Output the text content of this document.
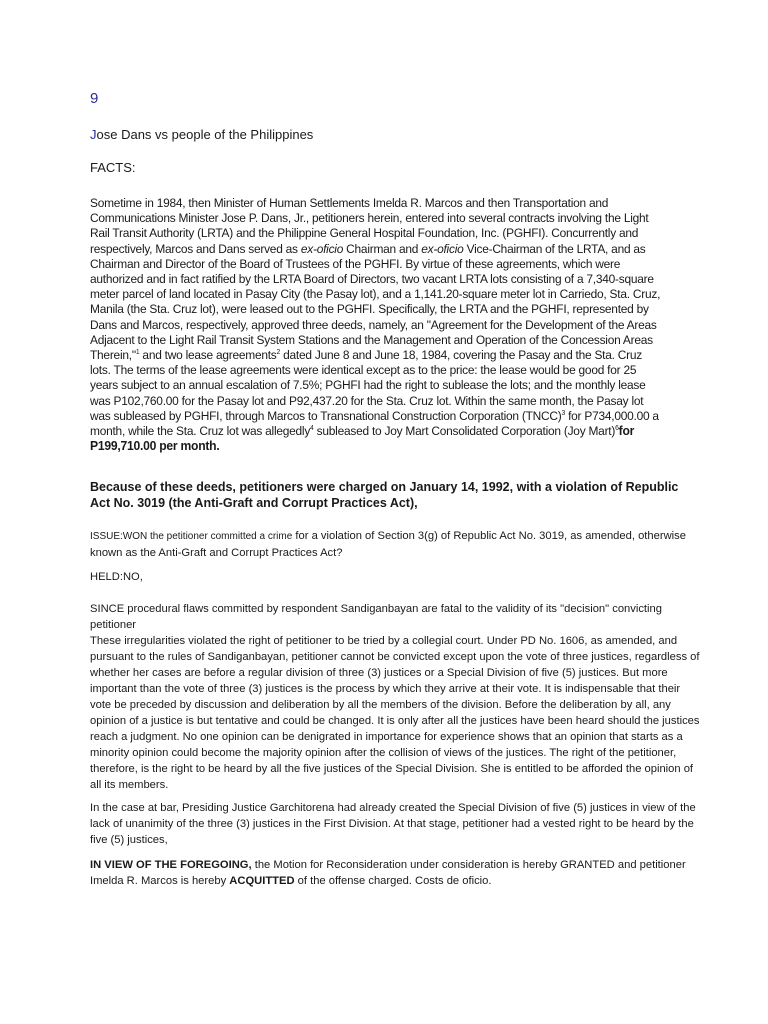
9
Jose Dans vs people of the Philippines
FACTS:
Sometime in 1984, then Minister of Human Settlements Imelda R. Marcos and then Transportation and Communications Minister Jose P. Dans, Jr., petitioners herein, entered into several contracts involving the Light Rail Transit Authority (LRTA) and the Philippine General Hospital Foundation, Inc. (PGHFI). Concurrently and respectively, Marcos and Dans served as ex-oficio Chairman and ex-oficio Vice-Chairman of the LRTA, and as Chairman and Director of the Board of Trustees of the PGHFI. By virtue of these agreements, which were authorized and in fact ratified by the LRTA Board of Directors, two vacant LRTA lots consisting of a 7,340-square meter parcel of land located in Pasay City (the Pasay lot), and a 1,141.20-square meter lot in Carriedo, Sta. Cruz, Manila (the Sta. Cruz lot), were leased out to the PGHFI. Specifically, the LRTA and the PGHFI, represented by Dans and Marcos, respectively, approved three deeds, namely, an "Agreement for the Development of the Areas Adjacent to the Light Rail Transit System Stations and the Management and Operation of the Concession Areas Therein,"$^1$ and two lease agreements$^2$ dated June 8 and June 18, 1984, covering the Pasay and the Sta. Cruz lots. The terms of the lease agreements were identical except as to the price: the lease would be good for 25 years subject to an annual escalation of 7.5%; PGHFI had the right to sublease the lots; and the monthly lease was P102,760.00 for the Pasay lot and P92,437.20 for the Sta. Cruz lot. Within the same month, the Pasay lot was subleased by PGHFI, through Marcos to Transnational Construction Corporation (TNCC)$^3$ for P734,000.00 a month, while the Sta. Cruz lot was allegedly$^4$ subleased to Joy Mart Consolidated Corporation (Joy Mart)$^6$for P199,710.00 per month.
Because of these deeds, petitioners were charged on January 14, 1992, with a violation of Republic Act No. 3019 (the Anti-Graft and Corrupt Practices Act),
ISSUE:WON the petitioner committed a crime for a violation of Section 3(g) of Republic Act No. 3019, as amended, otherwise known as the Anti-Graft and Corrupt Practices Act?
HELD:NO,
SINCE procedural flaws committed by respondent Sandiganbayan are fatal to the validity of its "decision" convicting petitioner
These irregularities violated the right of petitioner to be tried by a collegial court. Under PD No. 1606, as amended, and pursuant to the rules of Sandiganbayan, petitioner cannot be convicted except upon the vote of three justices, regardless of whether her cases are before a regular division of three (3) justices or a Special Division of five (5) justices. But more important than the vote of three (3) justices is the process by which they arrive at their vote. It is indispensable that their vote be preceded by discussion and deliberation by all the members of the division. Before the deliberation by all, any opinion of a justice is but tentative and could be changed. It is only after all the justices have been heard should the justices reach a judgment. No one opinion can be denigrated in importance for experience shows that an opinion that starts as a minority opinion could become the majority opinion after the collision of views of the justices. The right of the petitioner, therefore, is the right to be heard by all the five justices of the Special Division. She is entitled to be afforded the opinion of all its members.
In the case at bar, Presiding Justice Garchitorena had already created the Special Division of five (5) justices in view of the lack of unanimity of the three (3) justices in the First Division. At that stage, petitioner had a vested right to be heard by the five (5) justices,
IN VIEW OF THE FOREGOING, the Motion for Reconsideration under consideration is hereby GRANTED and petitioner Imelda R. Marcos is hereby ACQUITTED of the offense charged. Costs de oficio.
